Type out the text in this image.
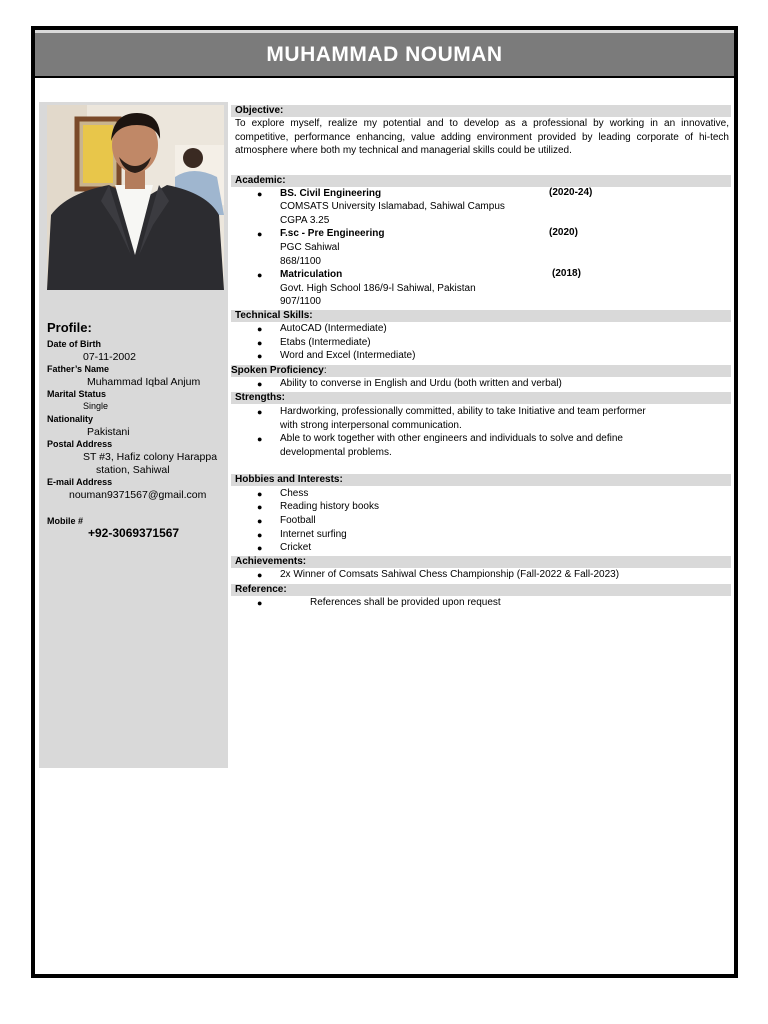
MUHAMMAD NOUMAN
Profile:
Date of Birth
07-11-2002
Father’s Name
Muhammad Iqbal Anjum
Marital Status
Single
Nationality
Pakistani
Postal Address
ST #3, Hafiz colony Harappa
station, Sahiwal
E-mail Address
nouman9371567@gmail.com
Mobile #
+92-3069371567
Objective:
To explore myself, realize my potential and to develop as a professional by working in an innovative, competitive, performance enhancing, value adding environment provided by leading corporate of hi-tech atmosphere where both my technical and managerial skills could be utilized.
Academic:
● BS. Civil Engineering	(2020-24)
COMSATS University Islamabad, Sahiwal Campus
CGPA 3.25
● F.sc - Pre Engineering	(2020)
PGC Sahiwal
868/1100
● Matriculation	(2018)
Govt. High School 186/9-l Sahiwal, Pakistan
907/1100
Technical Skills:
● AutoCAD (Intermediate)
● Etabs (Intermediate)
● Word and Excel (Intermediate)
Spoken Proficiency:
● Ability to converse in English and Urdu (both written and verbal)
Strengths:
● Hardworking, professionally committed, ability to take Initiative and team performer
with strong interpersonal communication.
● Able to work together with other engineers and individuals to solve and define
developmental problems.
Hobbies and Interests:
● Chess
● Reading history books
● Football
● Internet surfing
● Cricket
Achievements:
● 2x Winner of Comsats Sahiwal Chess Championship (Fall-2022 & Fall-2023)
Reference:
●	References shall be provided upon request
